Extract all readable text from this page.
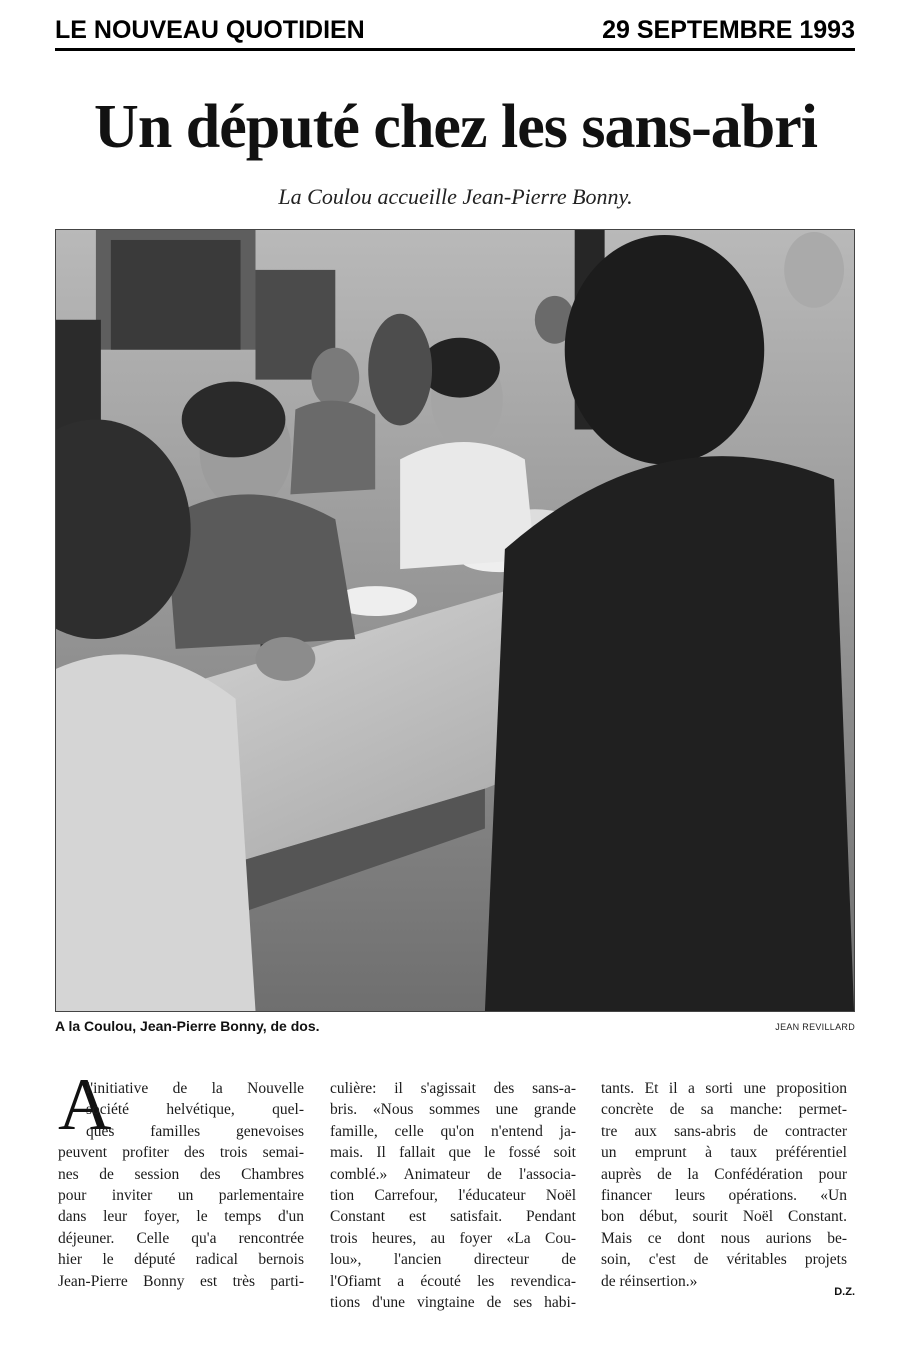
LE NOUVEAU QUOTIDIEN	29 SEPTEMBRE 1993
Un député chez les sans-abri
La Coulou accueille Jean-Pierre Bonny.
A la Coulou, Jean-Pierre Bonny, de dos.	JEAN REVILLARD
A
l'initiative de la Nouvelle
société helvétique, quel-
ques familles genevoises
peuvent profiter des trois semai-
nes de session des Chambres
pour inviter un parlementaire
dans leur foyer, le temps d'un
déjeuner. Celle qu'a rencontrée
hier le député radical bernois
Jean-Pierre Bonny est très parti-
culière: il s'agissait des sans-a-
bris. «Nous sommes une grande
famille, celle qu'on n'entend ja-
mais. Il fallait que le fossé soit
comblé.» Animateur de l'associa-
tion Carrefour, l'éducateur Noël
Constant est satisfait. Pendant
trois heures, au foyer «La Cou-
lou», l'ancien directeur de
l'Ofiamt a écouté les revendica-
tions d'une vingtaine de ses habi-
tants. Et il a sorti une proposition
concrète de sa manche: permet-
tre aux sans-abris de contracter
un emprunt à taux préférentiel
auprès de la Confédération pour
financer leurs opérations. «Un
bon début, sourit Noël Constant.
Mais ce dont nous aurions be-
soin, c'est de véritables projets
de réinsertion.»
D.Z.
